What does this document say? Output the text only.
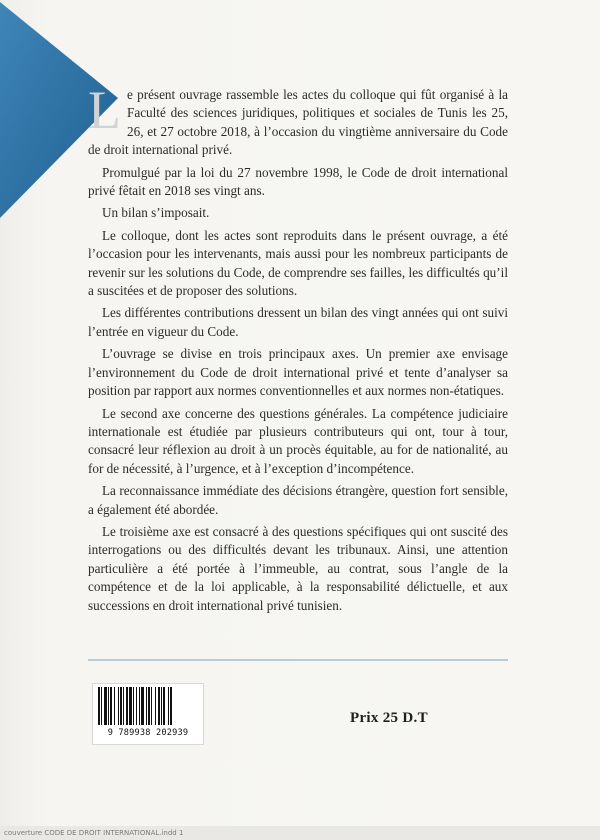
Le présent ouvrage rassemble les actes du colloque qui fût organisé à la Faculté des sciences juridiques, politiques et sociales de Tunis les 25, 26, et 27 octobre 2018, à l’occasion du vingtième anniversaire du Code de droit international privé.

Promulgué par la loi du 27 novembre 1998, le Code de droit international privé fêtait en 2018 ses vingt ans.

Un bilan s’imposait.

Le colloque, dont les actes sont reproduits dans le présent ouvrage, a été l’occasion pour les intervenants, mais aussi pour les nombreux participants de revenir sur les solutions du Code, de comprendre ses failles, les difficultés qu’il a suscitées et de proposer des solutions.

Les différentes contributions dressent un bilan des vingt années qui ont suivi l’entrée en vigueur du Code.

L’ouvrage se divise en trois principaux axes. Un premier axe envisage l’environnement du Code de droit international privé et tente d’analyser sa position par rapport aux normes conventionnelles et aux normes non-étatiques.

Le second axe concerne des questions générales. La compétence judiciaire internationale est étudiée par plusieurs contributeurs qui ont, tour à tour, consacré leur réflexion au droit à un procès équitable, au for de nationalité, au for de nécessité, à l’urgence, et à l’exception d’incompétence.

La reconnaissance immédiate des décisions étrangère, question fort sensible, a également été abordée.

Le troisième axe est consacré à des questions spécifiques qui ont suscité des interrogations ou des difficultés devant les tribunaux. Ainsi, une attention particulière a été portée à l’immeuble, au contrat, sous l’angle de la compétence et de la loi applicable, à la responsabilité délictuelle, et aux successions en droit international privé tunisien.

9 789938 202939
Prix 25 D.T
couverture CODE DE DROIT INTERNATIONAL.indd 1
